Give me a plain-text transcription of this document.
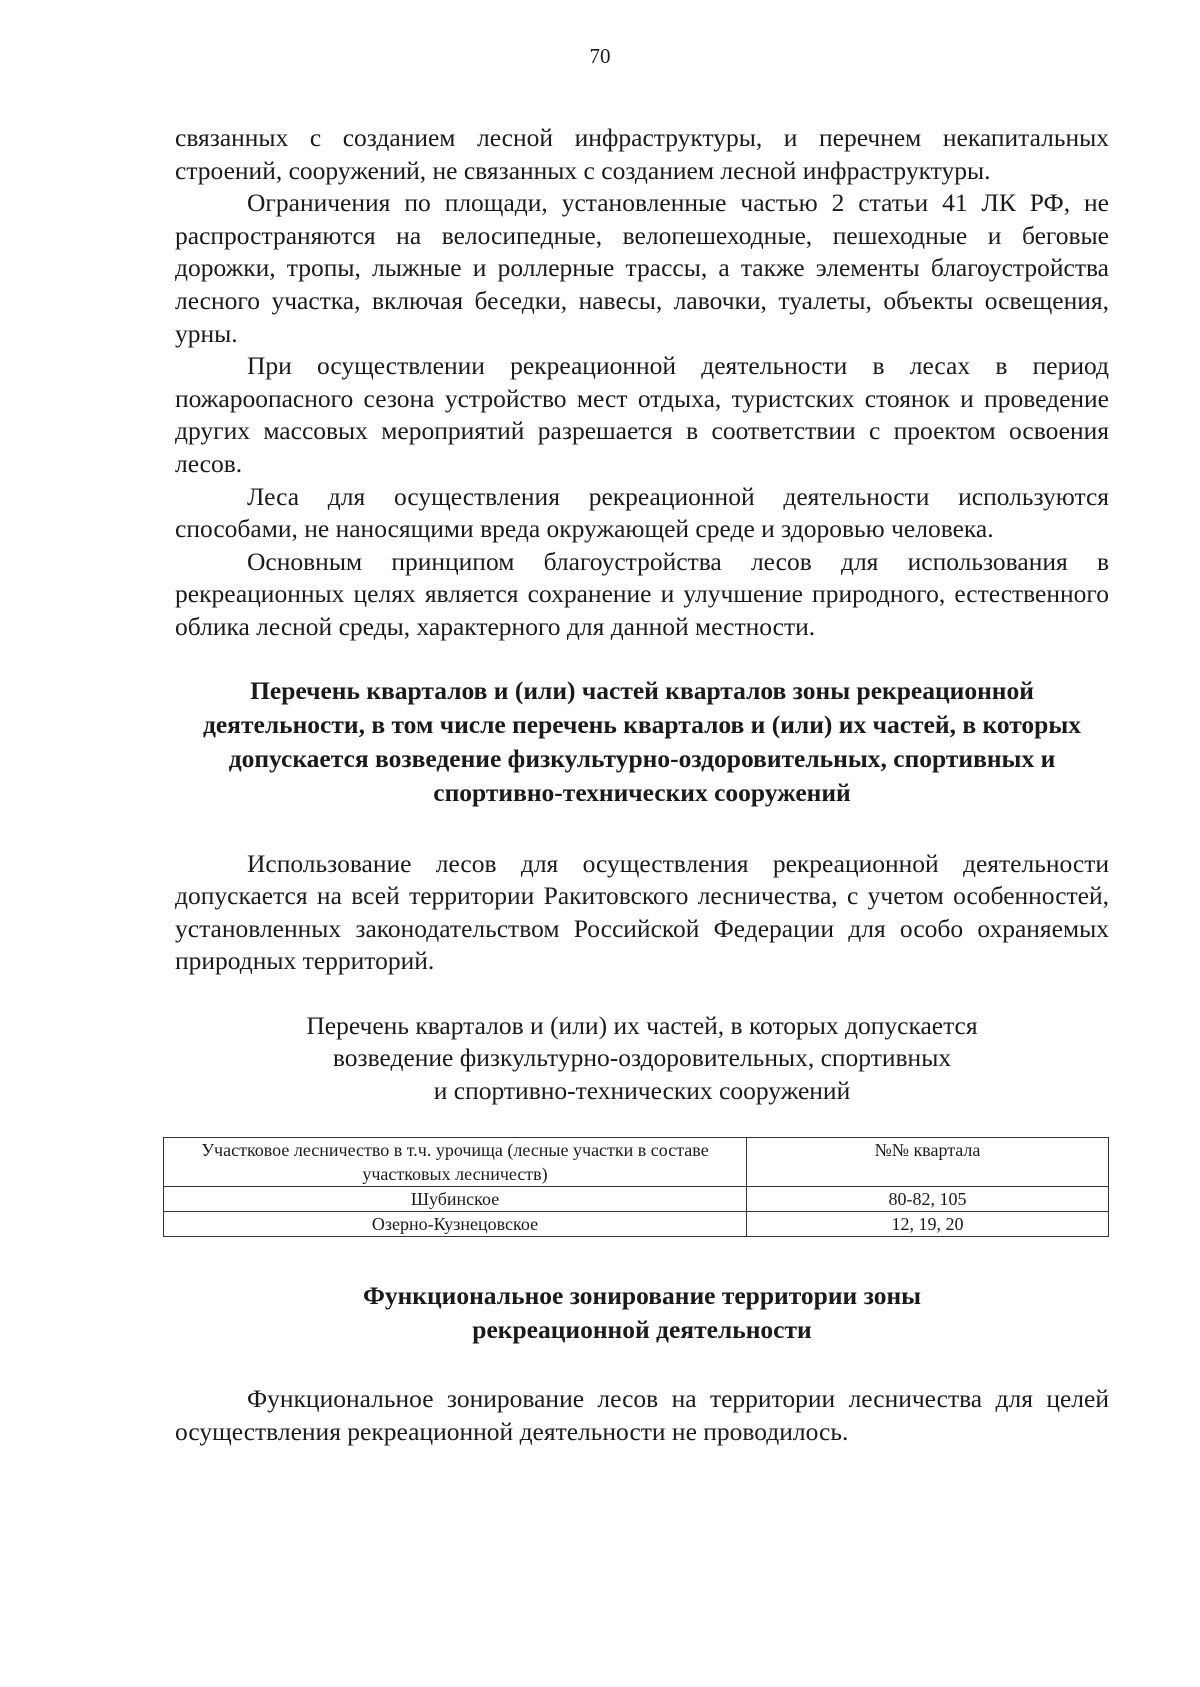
70

связанных с созданием лесной инфраструктуры, и перечнем некапитальных строений, сооружений, не связанных с созданием лесной инфраструктуры.

Ограничения по площади, установленные частью 2 статьи 41 ЛК РФ, не распространяются на велосипедные, велопешеходные, пешеходные и беговые дорожки, тропы, лыжные и роллерные трассы, а также элементы благоустройства лесного участка, включая беседки, навесы, лавочки, туалеты, объекты освещения, урны.

При осуществлении рекреационной деятельности в лесах в период пожароопасного сезона устройство мест отдыха, туристских стоянок и проведение других массовых мероприятий разрешается в соответствии с проектом освоения лесов.

Леса для осуществления рекреационной деятельности используются способами, не наносящими вреда окружающей среде и здоровью человека.

Основным принципом благоустройства лесов для использования в рекреационных целях является сохранение и улучшение природного, естественного облика лесной среды, характерного для данной местности.

Перечень кварталов и (или) частей кварталов зоны рекреационной деятельности, в том числе перечень кварталов и (или) их частей, в которых допускается возведение физкультурно-оздоровительных, спортивных и спортивно-технических сооружений

Использование лесов для осуществления рекреационной деятельности допускается на всей территории Ракитовского лесничества, с учетом особенностей, установленных законодательством Российской Федерации для особо охраняемых природных территорий.

Перечень кварталов и (или) их частей, в которых допускается
возведение физкультурно-оздоровительных, спортивных
и спортивно-технических сооружений
Участковое лесничество в т.ч. урочища (лесные участки в составе участковых лесничеств)	№№ квартала
Шубинское	80-82, 105
Озерно-Кузнецовское	12, 19, 20
Функциональное зонирование территории зоны
рекреационной деятельности

Функциональное зонирование лесов на территории лесничества для целей осуществления рекреационной деятельности не проводилось.
